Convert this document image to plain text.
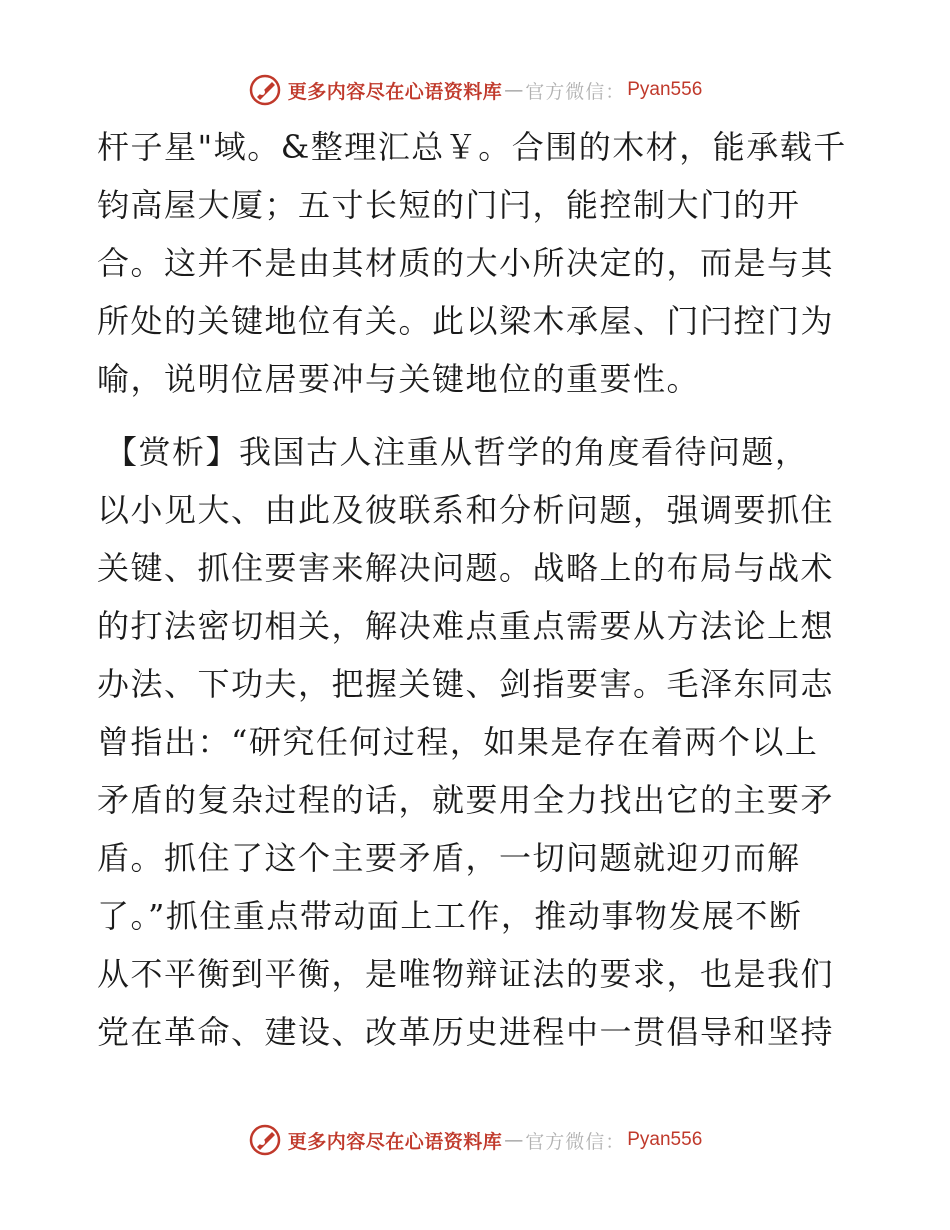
更多内容尽在心语资料库 — 官方微信： Pyan556
杆子星"域。&整理汇总￥。合围的木材，能承载千
钧高屋大厦；五寸长短的门闩，能控制大门的开
合。这并不是由其材质的大小所决定的，而是与其
所处的关键地位有关。此以梁木承屋、门闩控门为
喻，说明位居要冲与关键地位的重要性。
【赏析】我国古人注重从哲学的角度看待问题，
以小见大、由此及彼联系和分析问题，强调要抓住
关键、抓住要害来解决问题。战略上的布局与战术
的打法密切相关，解决难点重点需要从方法论上想
办法、下功夫，把握关键、剑指要害。毛泽东同志
曾指出：“研究任何过程，如果是存在着两个以上
矛盾的复杂过程的话，就要用全力找出它的主要矛
盾。抓住了这个主要矛盾，一切问题就迎刃而解
了。”抓住重点带动面上工作，推动事物发展不断
从不平衡到平衡，是唯物辩证法的要求，也是我们
党在革命、建设、改革历史进程中一贯倡导和坚持
更多内容尽在心语资料库 — 官方微信： Pyan556
